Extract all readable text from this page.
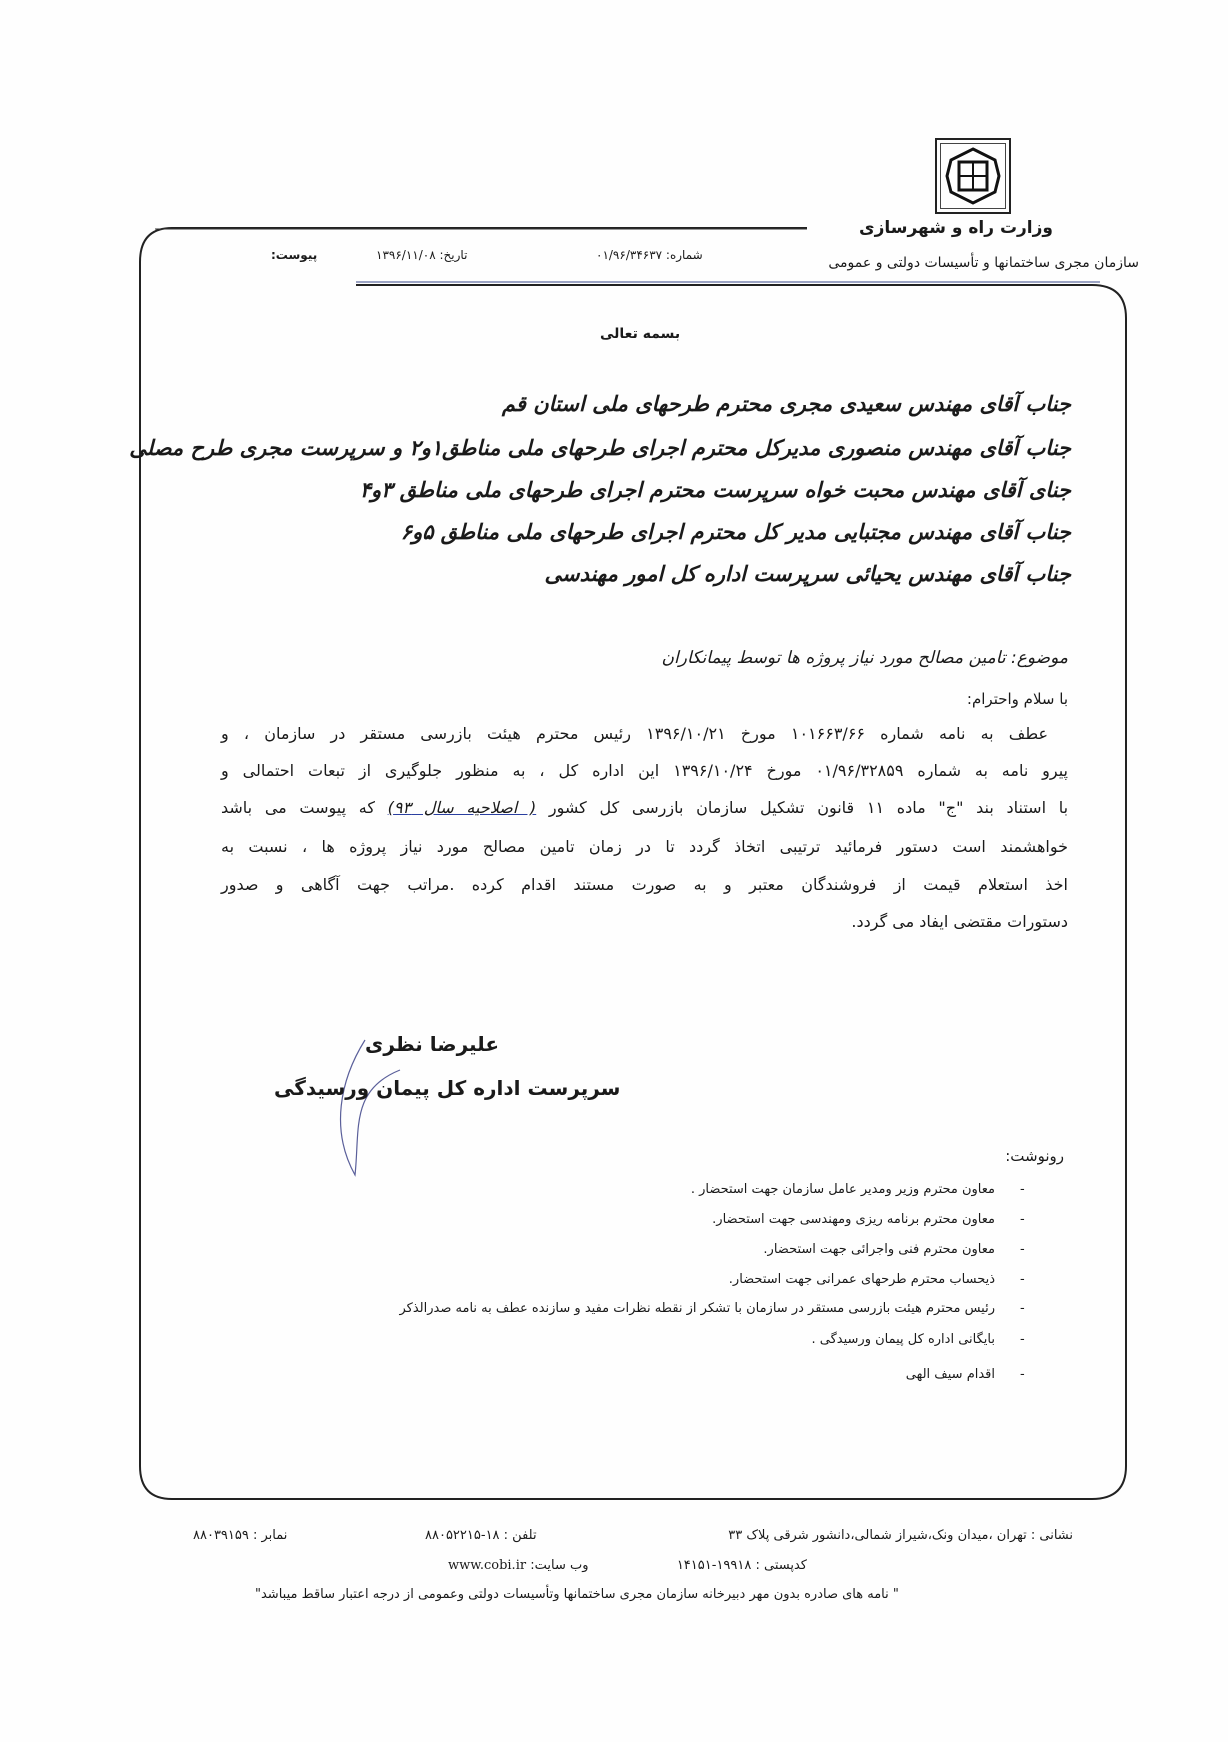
وزارت راه و شهرسازی
سازمان مجری ساختمانها و تأسیسات دولتی و عمومی
شماره: ۰۱/۹۶/۳۴۶۳۷
تاریخ: ۱۳۹۶/۱۱/۰۸
پیوست:
بسمه تعالی
جناب آقای مهندس سعیدی مجری محترم طرحهای ملی استان قم
جناب آقای مهندس منصوری مدیرکل محترم اجرای طرحهای ملی مناطق۱و۲ و سرپرست مجری طرح مصلی
جنای آقای مهندس محبت خواه سرپرست محترم اجرای طرحهای ملی مناطق ۳و۴
جناب آقای مهندس مجتبایی مدیر کل محترم اجرای طرحهای ملی مناطق ۵و۶
جناب آقای مهندس یحیائی سرپرست اداره کل امور مهندسی
موضوع: تامین مصالح مورد نیاز پروژه ها توسط پیمانکاران
با سلام واحترام:
عطف به نامه شماره ۱۰۱۶۶۳/۶۶ مورخ ۱۳۹۶/۱۰/۲۱ رئیس محترم هیئت بازرسی مستقر در سازمان ، و
پیرو نامه به شماره ۰۱/۹۶/۳۲۸۵۹ مورخ ۱۳۹۶/۱۰/۲۴ این اداره کل ، به منظور جلوگیری از تبعات احتمالی و
با استناد بند "ج" ماده ۱۱ قانون تشکیل سازمان بازرسی کل کشور ( اصلاحیه سال ۹۳) که پیوست می باشد
خواهشمند است دستور فرمائید ترتیبی اتخاذ گردد تا در زمان تامین مصالح مورد نیاز پروژه ها ، نسبت به
اخذ استعلام قیمت از فروشندگان معتبر و به صورت مستند اقدام کرده .مراتب جهت آگاهی و صدور
دستورات مقتضی ایفاد می گردد.
علیرضا نظری
سرپرست اداره کل پیمان ورسیدگی
رونوشت:
-
معاون محترم وزیر ومدیر عامل سازمان جهت استحضار .
-
معاون محترم برنامه ریزی ومهندسی جهت استحضار.
-
معاون محترم فنی واجرائی جهت استحضار.
-
ذیحساب محترم طرحهای عمرانی جهت استحضار.
-
رئیس محترم هیئت بازرسی مستقر در سازمان با تشکر از نقطه نظرات مفید و سازنده عطف به نامه صدرالذکر
-
بایگانی اداره کل پیمان ورسیدگی .
-
اقدام سیف الهی
نشانی : تهران ،میدان ونک،شیراز شمالی،دانشور شرقی پلاک ۳۳
تلفن : ۱۸-۸۸۰۵۲۲۱۵
نمابر : ۸۸۰۳۹۱۵۹
کدپستی : ۱۹۹۱۸-۱۴۱۵۱
وب سایت: www.cobi.ir
" نامه های صادره بدون مهر دبیرخانه سازمان مجری ساختمانها وتأسیسات دولتی وعمومی از درجه اعتبار ساقط میباشد"
